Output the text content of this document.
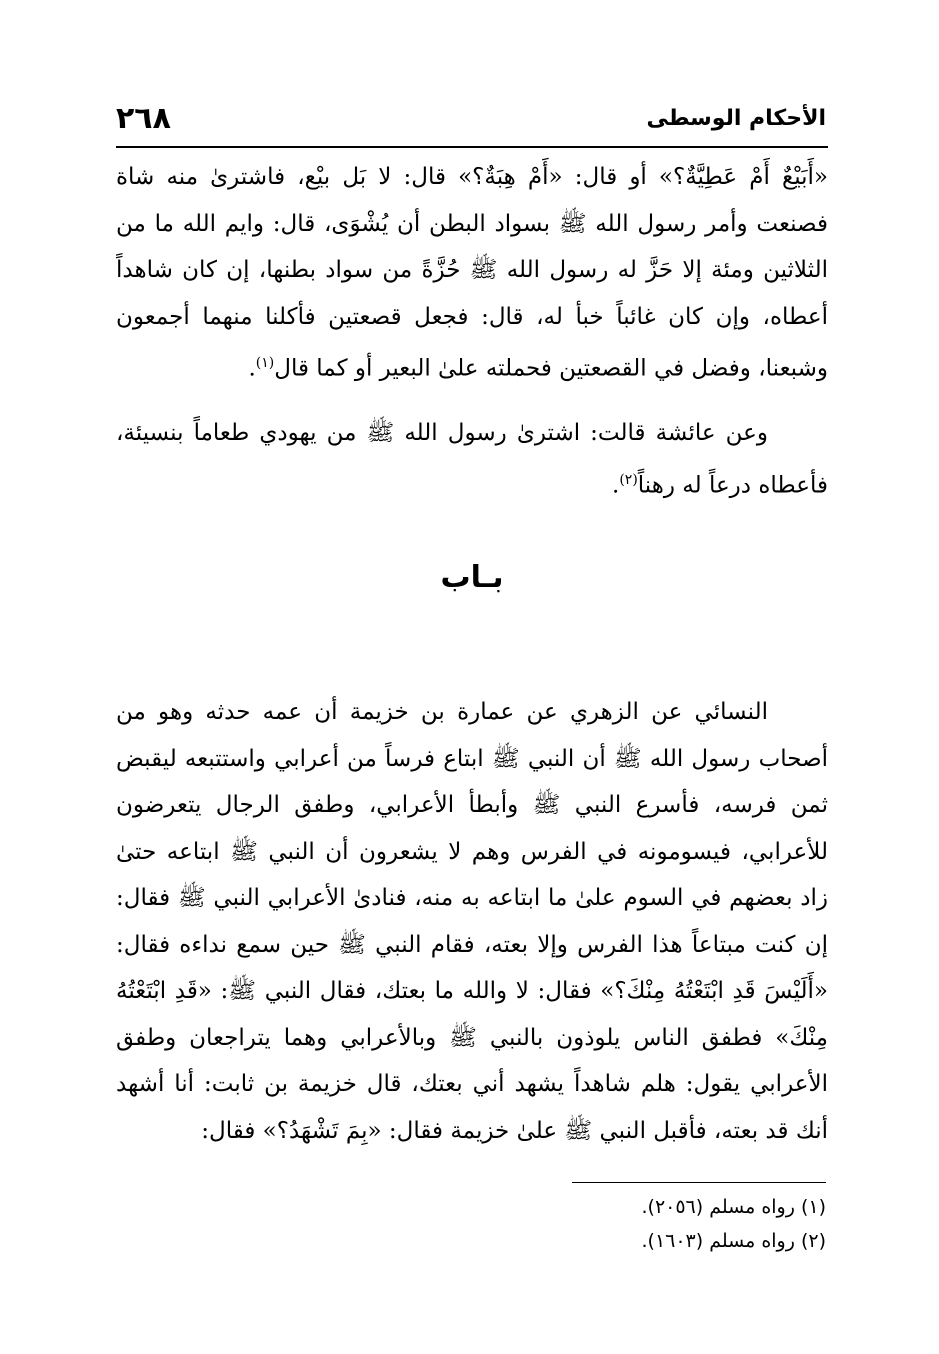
٢٦٨	الأحكام الوسطى
«أَبَيْعٌ أَمْ عَطِيَّةٌ؟» أو قال: «أَمْ هِبَةٌ؟» قال: لا بَل بيْع، فاشترىٰ منه شاة فصنعت وأمر رسول الله ﷺ بسواد البطن أن يُشْوَى، قال: وايم الله ما من الثلاثين ومئة إلا حَزَّ له رسول الله ﷺ حُزَّةً من سواد بطنها، إن كان شاهداً أعطاه، وإن كان غائباً خبأ له، قال: فجعل قصعتين فأكلنا منهما أجمعون وشبعنا، وفضل في القصعتين فحملته علىٰ البعير أو كما قال$^{(١)}$.
وعن عائشة قالت: اشترىٰ رسول الله ﷺ من يهودي طعاماً بنسيئة، فأعطاه درعاً له رهناً$^{(٢)}$.
بـاب
النسائي عن الزهري عن عمارة بن خزيمة أن عمه حدثه وهو من أصحاب رسول الله ﷺ أن النبي ﷺ ابتاع فرساً من أعرابي واستتبعه ليقبض ثمن فرسه، فأسرع النبي ﷺ وأبطأ الأعرابي، وطفق الرجال يتعرضون للأعرابي، فيسومونه في الفرس وهم لا يشعرون أن النبي ﷺ ابتاعه حتىٰ زاد بعضهم في السوم علىٰ ما ابتاعه به منه، فنادىٰ الأعرابي النبي ﷺ فقال: إن كنت مبتاعاً هذا الفرس وإلا بعته، فقام النبي ﷺ حين سمع نداءه فقال: «أَلَيْسَ قَدِ ابْتَعْتُهُ مِنْكَ؟» فقال: لا والله ما بعتك، فقال النبي ﷺ: «قَدِ ابْتَعْتُهُ مِنْكَ» فطفق الناس يلوذون بالنبي ﷺ وبالأعرابي وهما يتراجعان وطفق الأعرابي يقول: هلم شاهداً يشهد أني بعتك، قال خزيمة بن ثابت: أنا أشهد أنك قد بعته، فأقبل النبي ﷺ علىٰ خزيمة فقال: «بِمَ تَشْهَدُ؟» فقال:

(١) رواه مسلم (٢٠٥٦).

(٢) رواه مسلم (١٦٠٣).
